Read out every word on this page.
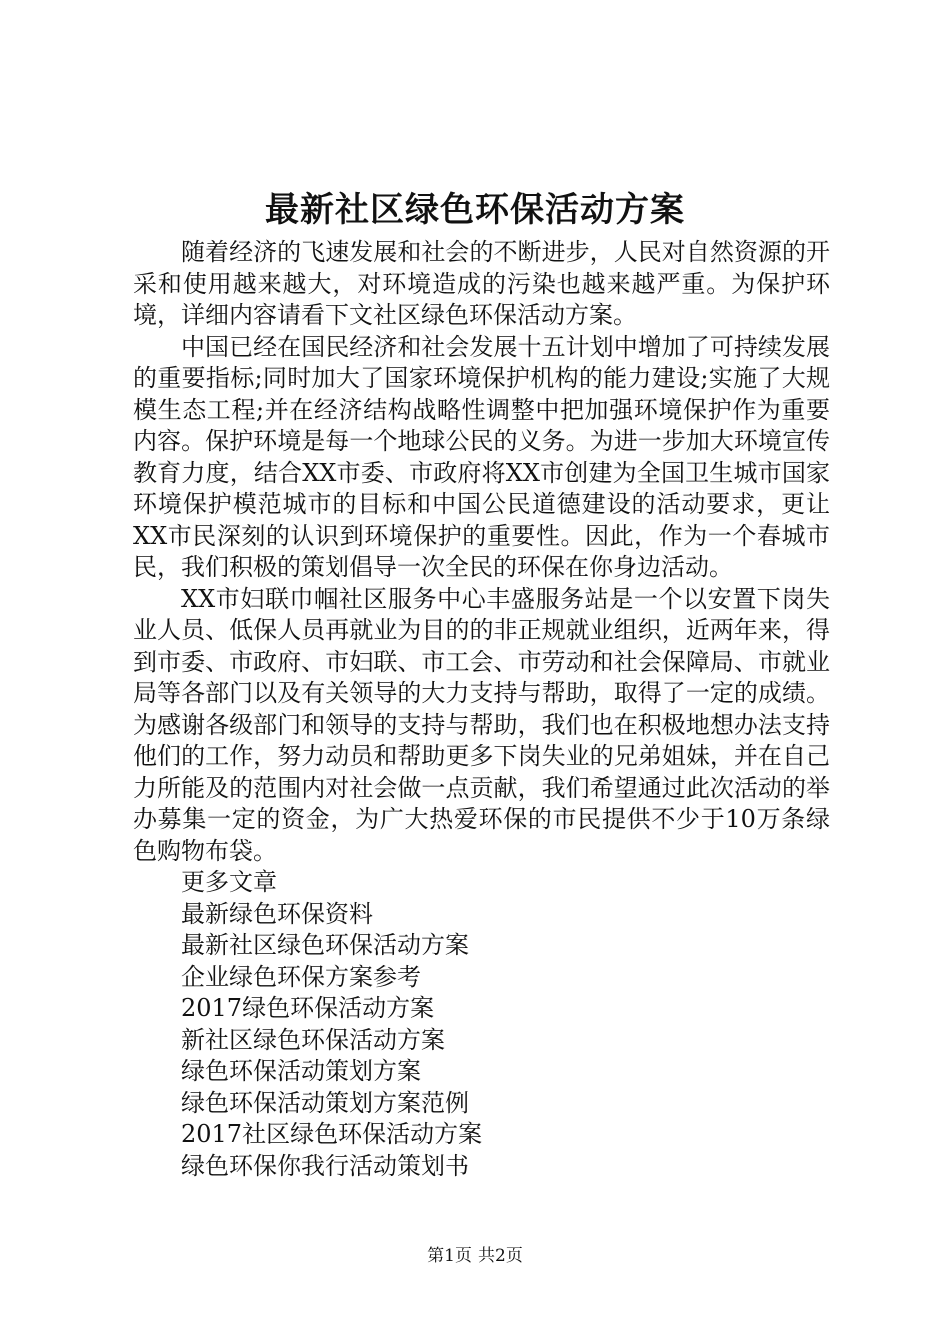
最新社区绿色环保活动方案

随着经济的飞速发展和社会的不断进步，人民对自然资源的开采和使用越来越大，对环境造成的污染也越来越严重。为保护环境，详细内容请看下文社区绿色环保活动方案。

中国已经在国民经济和社会发展十五计划中增加了可持续发展的重要指标;同时加大了国家环境保护机构的能力建设;实施了大规模生态工程;并在经济结构战略性调整中把加强环境保护作为重要内容。保护环境是每一个地球公民的义务。为进一步加大环境宣传教育力度，结合XX市委、市政府将XX市创建为全国卫生城市国家环境保护模范城市的目标和中国公民道德建设的活动要求，更让XX市民深刻的认识到环境保护的重要性。因此，作为一个春城市民，我们积极的策划倡导一次全民的环保在你身边活动。

XX市妇联巾帼社区服务中心丰盛服务站是一个以安置下岗失业人员、低保人员再就业为目的的非正规就业组织，近两年来，得到市委、市政府、市妇联、市工会、市劳动和社会保障局、市就业局等各部门以及有关领导的大力支持与帮助，取得了一定的成绩。为感谢各级部门和领导的支持与帮助，我们也在积极地想办法支持他们的工作，努力动员和帮助更多下岗失业的兄弟姐妹，并在自己力所能及的范围内对社会做一点贡献，我们希望通过此次活动的举办募集一定的资金，为广大热爱环保的市民提供不少于10万条绿色购物布袋。

更多文章
最新绿色环保资料
最新社区绿色环保活动方案
企业绿色环保方案参考
2017绿色环保活动方案
新社区绿色环保活动方案
绿色环保活动策划方案
绿色环保活动策划方案范例
2017社区绿色环保活动方案
绿色环保你我行活动策划书
第1页 共2页
